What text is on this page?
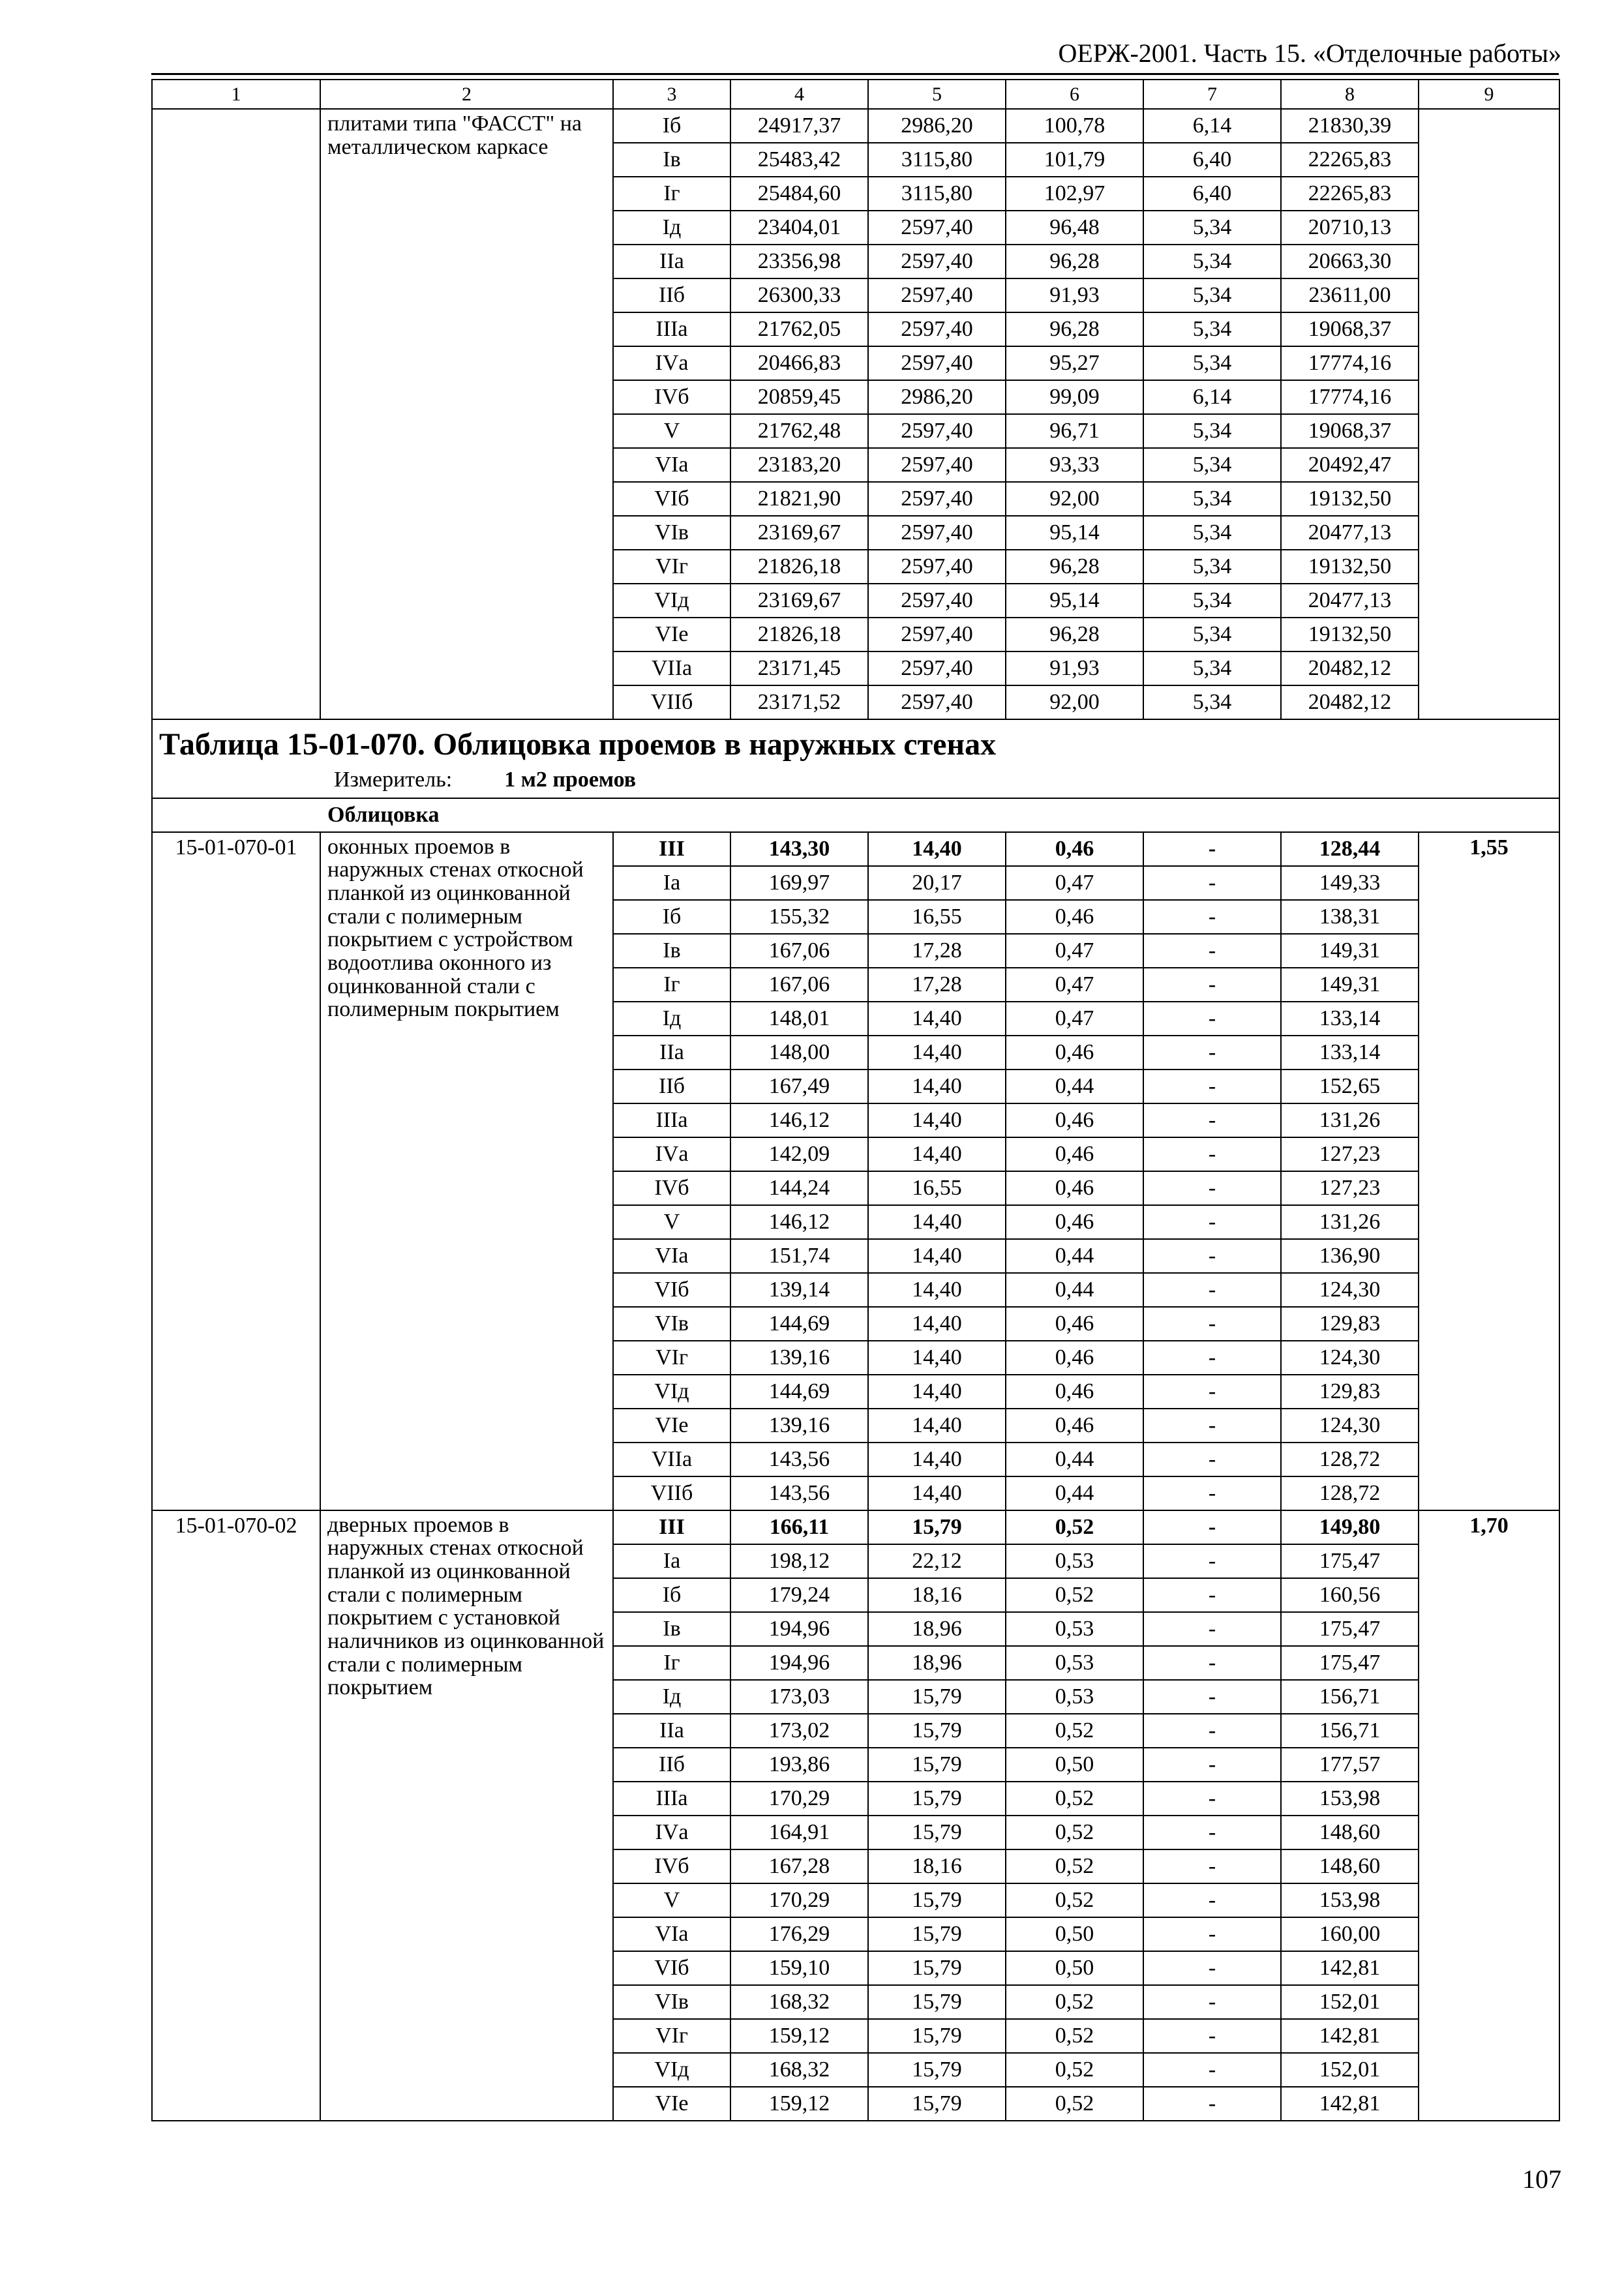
ОЕРЖ-2001. Часть 15. «Отделочные работы»
1	2	3	4	5	6	7	8	9
	плитами типа "ФАССТ" на металлическом каркасе	Iб	24917,37	2986,20	100,78	6,14	21830,39	
		Iв	25483,42	3115,80	101,79	6,40	22265,83	
		Iг	25484,60	3115,80	102,97	6,40	22265,83	
		Iд	23404,01	2597,40	96,48	5,34	20710,13	
		IIа	23356,98	2597,40	96,28	5,34	20663,30	
		IIб	26300,33	2597,40	91,93	5,34	23611,00	
		IIIа	21762,05	2597,40	96,28	5,34	19068,37	
		IVа	20466,83	2597,40	95,27	5,34	17774,16	
		IVб	20859,45	2986,20	99,09	6,14	17774,16	
		V	21762,48	2597,40	96,71	5,34	19068,37	
		VIа	23183,20	2597,40	93,33	5,34	20492,47	
		VIб	21821,90	2597,40	92,00	5,34	19132,50	
		VIв	23169,67	2597,40	95,14	5,34	20477,13	
		VIг	21826,18	2597,40	96,28	5,34	19132,50	
		VIд	23169,67	2597,40	95,14	5,34	20477,13	
		VIе	21826,18	2597,40	96,28	5,34	19132,50	
		VIIа	23171,45	2597,40	91,93	5,34	20482,12	
		VIIб	23171,52	2597,40	92,00	5,34	20482,12	

Таблица 15-01-070. Облицовка проемов в наружных стенах
Измеритель: 1 м2 проемов								

Облицовка								
15-01-070-01	оконных проемов в наружных стенах откосной планкой из оцинкованной стали с полимерным покрытием с устройством водоотлива оконного из оцинкованной стали с полимерным покрытием	III	143,30	14,40	0,46	-	128,44	1,55
		Iа	169,97	20,17	0,47	-	149,33	
		Iб	155,32	16,55	0,46	-	138,31	
		Iв	167,06	17,28	0,47	-	149,31	
		Iг	167,06	17,28	0,47	-	149,31	
		Iд	148,01	14,40	0,47	-	133,14	
		IIа	148,00	14,40	0,46	-	133,14	
		IIб	167,49	14,40	0,44	-	152,65	
		IIIа	146,12	14,40	0,46	-	131,26	
		IVа	142,09	14,40	0,46	-	127,23	
		IVб	144,24	16,55	0,46	-	127,23	
		V	146,12	14,40	0,46	-	131,26	
		VIа	151,74	14,40	0,44	-	136,90	
		VIб	139,14	14,40	0,44	-	124,30	
		VIв	144,69	14,40	0,46	-	129,83	
		VIг	139,16	14,40	0,46	-	124,30	
		VIд	144,69	14,40	0,46	-	129,83	
		VIе	139,16	14,40	0,46	-	124,30	
		VIIа	143,56	14,40	0,44	-	128,72	
		VIIб	143,56	14,40	0,44	-	128,72	
15-01-070-02	дверных проемов в наружных стенах откосной планкой из оцинкованной стали с полимерным покрытием с установкой наличников из оцинкованной стали с полимерным покрытием	III	166,11	15,79	0,52	-	149,80	1,70
		Iа	198,12	22,12	0,53	-	175,47	
		Iб	179,24	18,16	0,52	-	160,56	
		Iв	194,96	18,96	0,53	-	175,47	
		Iг	194,96	18,96	0,53	-	175,47	
		Iд	173,03	15,79	0,53	-	156,71	
		IIа	173,02	15,79	0,52	-	156,71	
		IIб	193,86	15,79	0,50	-	177,57	
		IIIа	170,29	15,79	0,52	-	153,98	
		IVа	164,91	15,79	0,52	-	148,60	
		IVб	167,28	18,16	0,52	-	148,60	
		V	170,29	15,79	0,52	-	153,98	
		VIа	176,29	15,79	0,50	-	160,00	
		VIб	159,10	15,79	0,50	-	142,81	
		VIв	168,32	15,79	0,52	-	152,01	
		VIг	159,12	15,79	0,52	-	142,81	
		VIд	168,32	15,79	0,52	-	152,01	
		VIе	159,12	15,79	0,52	-	142,81	
107
